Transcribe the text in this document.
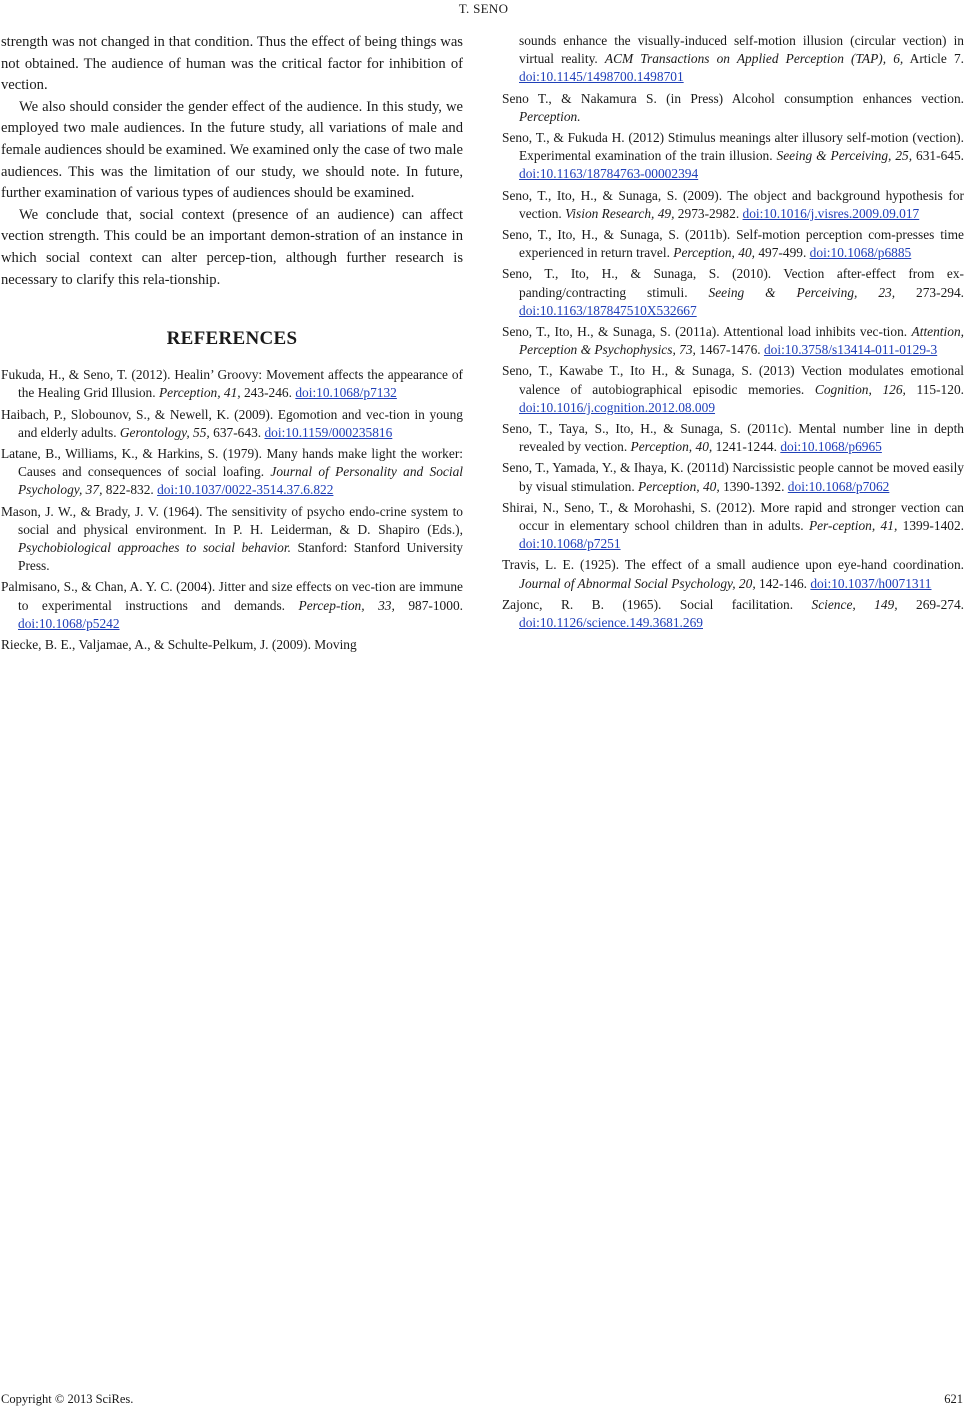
T. SENO

strength was not changed in that condition. Thus the effect of being things was not obtained. The audience of human was the critical factor for inhibition of vection.

We also should consider the gender effect of the audience. In this study, we employed two male audiences. In the future study, all variations of male and female audiences should be examined. We examined only the case of two male audiences. This was the limitation of our study, we should note. In future, further examination of various types of audiences should be examined.

We conclude that, social context (presence of an audience) can affect vection strength. This could be an important demon-stration of an instance in which social context can alter percep-tion, although further research is necessary to clarify this rela-tionship.

REFERENCES

Fukuda, H., & Seno, T. (2012). Healin’ Groovy: Movement affects the appearance of the Healing Grid Illusion. Perception, 41, 243-246. doi:10.1068/p7132

Haibach, P., Slobounov, S., & Newell, K. (2009). Egomotion and vec-tion in young and elderly adults. Gerontology, 55, 637-643. doi:10.1159/000235816

Latane, B., Williams, K., & Harkins, S. (1979). Many hands make light the worker: Causes and consequences of social loafing. Journal of Personality and Social Psychology, 37, 822-832. doi:10.1037/0022-3514.37.6.822

Mason, J. W., & Brady, J. V. (1964). The sensitivity of psycho endo-crine system to social and physical environment. In P. H. Leiderman, & D. Shapiro (Eds.), Psychobiological approaches to social behavior. Stanford: Stanford University Press.

Palmisano, S., & Chan, A. Y. C. (2004). Jitter and size effects on vec-tion are immune to experimental instructions and demands. Percep-tion, 33, 987-1000. doi:10.1068/p5242

Riecke, B. E., Valjamae, A., & Schulte-Pelkum, J. (2009). Moving

sounds enhance the visually-induced self-motion illusion (circular vection) in virtual reality. ACM Transactions on Applied Perception (TAP), 6, Article 7. doi:10.1145/1498700.1498701

Seno T., & Nakamura S. (in Press) Alcohol consumption enhances vection. Perception.

Seno, T., & Fukuda H. (2012) Stimulus meanings alter illusory self-motion (vection). Experimental examination of the train illusion. Seeing & Perceiving, 25, 631-645. doi:10.1163/18784763-00002394

Seno, T., Ito, H., & Sunaga, S. (2009). The object and background hypothesis for vection. Vision Research, 49, 2973-2982. doi:10.1016/j.visres.2009.09.017

Seno, T., Ito, H., & Sunaga, S. (2011b). Self-motion perception com-presses time experienced in return travel. Perception, 40, 497-499. doi:10.1068/p6885

Seno, T., Ito, H., & Sunaga, S. (2010). Vection after-effect from ex-panding/contracting stimuli. Seeing & Perceiving, 23, 273-294. doi:10.1163/187847510X532667

Seno, T., Ito, H., & Sunaga, S. (2011a). Attentional load inhibits vec-tion. Attention, Perception & Psychophysics, 73, 1467-1476. doi:10.3758/s13414-011-0129-3

Seno, T., Kawabe T., Ito H., & Sunaga, S. (2013) Vection modulates emotional valence of autobiographical episodic memories. Cognition, 126, 115-120. doi:10.1016/j.cognition.2012.08.009

Seno, T., Taya, S., Ito, H., & Sunaga, S. (2011c). Mental number line in depth revealed by vection. Perception, 40, 1241-1244. doi:10.1068/p6965

Seno, T., Yamada, Y., & Ihaya, K. (2011d) Narcissistic people cannot be moved easily by visual stimulation. Perception, 40, 1390-1392. doi:10.1068/p7062

Shirai, N., Seno, T., & Morohashi, S. (2012). More rapid and stronger vection can occur in elementary school children than in adults. Per-ception, 41, 1399-1402. doi:10.1068/p7251

Travis, L. E. (1925). The effect of a small audience upon eye-hand coordination. Journal of Abnormal Social Psychology, 20, 142-146. doi:10.1037/h0071311

Zajonc, R. B. (1965). Social facilitation. Science, 149, 269-274. doi:10.1126/science.149.3681.269

Copyright © 2013 SciRes.	621
